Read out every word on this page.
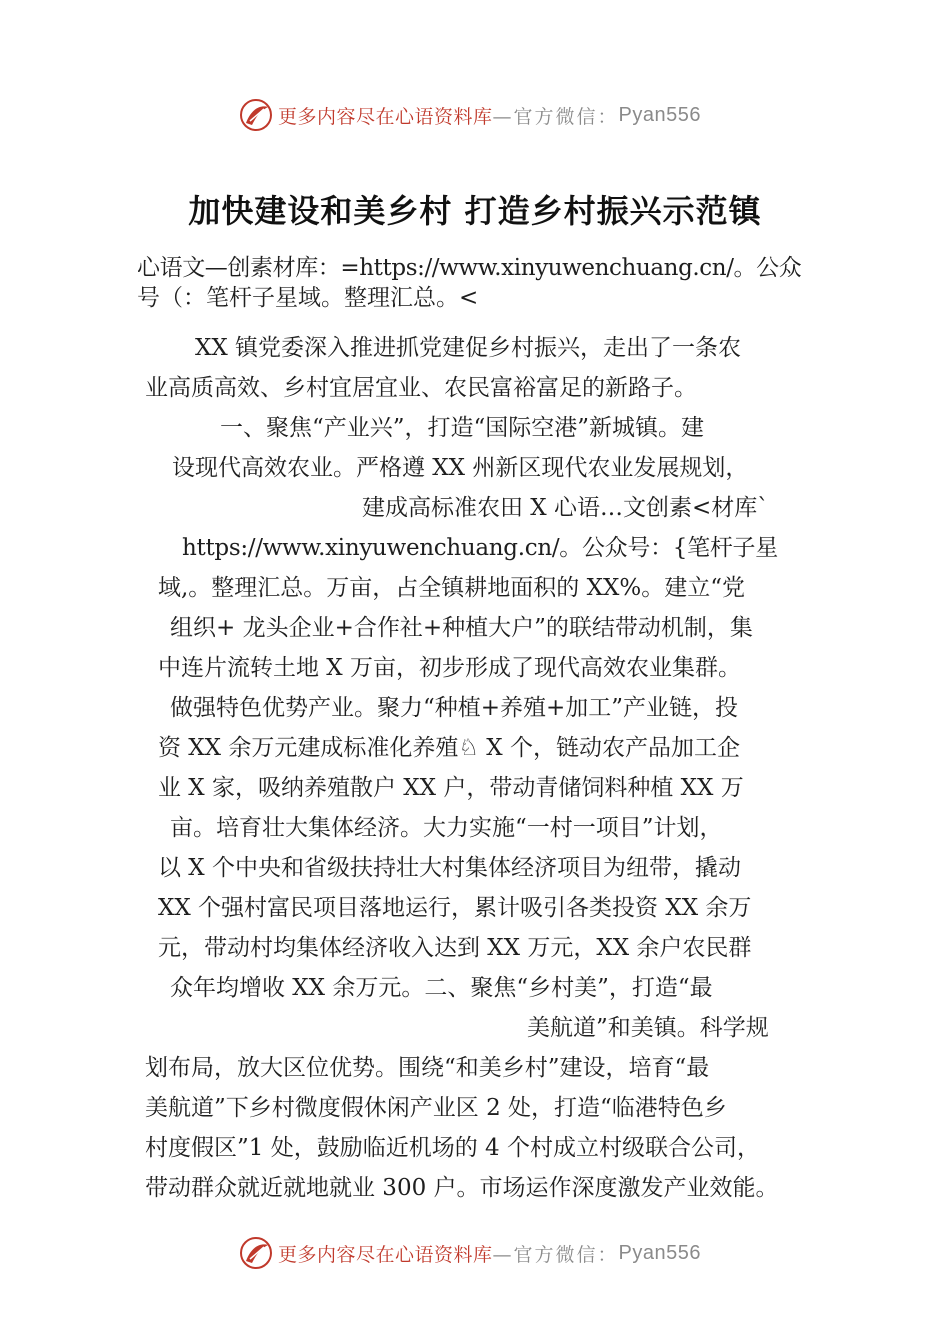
更多内容尽在心语资料库 —官方微信： Pyan556
加快建设和美乡村 打造乡村振兴示范镇
心语文—创素材库：=https://www.xinyuwenchuang.cn/。公众
号（：笔杆子星域。整理汇总。<
XX 镇党委深入推进抓党建促乡村振兴，走出了一条农
业高质高效、乡村宜居宜业、农民富裕富足的新路子。
一、聚焦“产业兴”，打造“国际空港”新城镇。建
设现代高效农业。严格遵 XX 州新区现代农业发展规划，
建成高标准农田 X 心语…文创素<材库`
https://www.xinyuwenchuang.cn/。公众号：{笔杆子星
域,。整理汇总。万亩，占全镇耕地面积的 XX%。建立“党
组织+ 龙头企业+合作社+种植大户”的联结带动机制，集
中连片流转土地 X 万亩，初步形成了现代高效农业集群。
做强特色优势产业。聚力“种植+养殖+加工”产业链，投
资 XX 余万元建成标准化养殖♘ X 个，链动农产品加工企
业 X 家，吸纳养殖散户 XX 户，带动青储饲料种植 XX 万
亩。培育壮大集体经济。大力实施“一村一项目”计划，
以 X 个中央和省级扶持壮大村集体经济项目为纽带，撬动
XX 个强村富民项目落地运行，累计吸引各类投资 XX 余万
元，带动村均集体经济收入达到 XX 万元，XX 余户农民群
众年均增收 XX 余万元。二、聚焦“乡村美”，打造“最
美航道”和美镇。科学规
划布局，放大区位优势。围绕“和美乡村”建设，培育“最
美航道”下乡村微度假休闲产业区 2 处，打造“临港特色乡
村度假区”1 处，鼓励临近机场的 4 个村成立村级联合公司，
带动群众就近就地就业 300 户。市场运作深度激发产业效能。
更多内容尽在心语资料库 —官方微信： Pyan556
